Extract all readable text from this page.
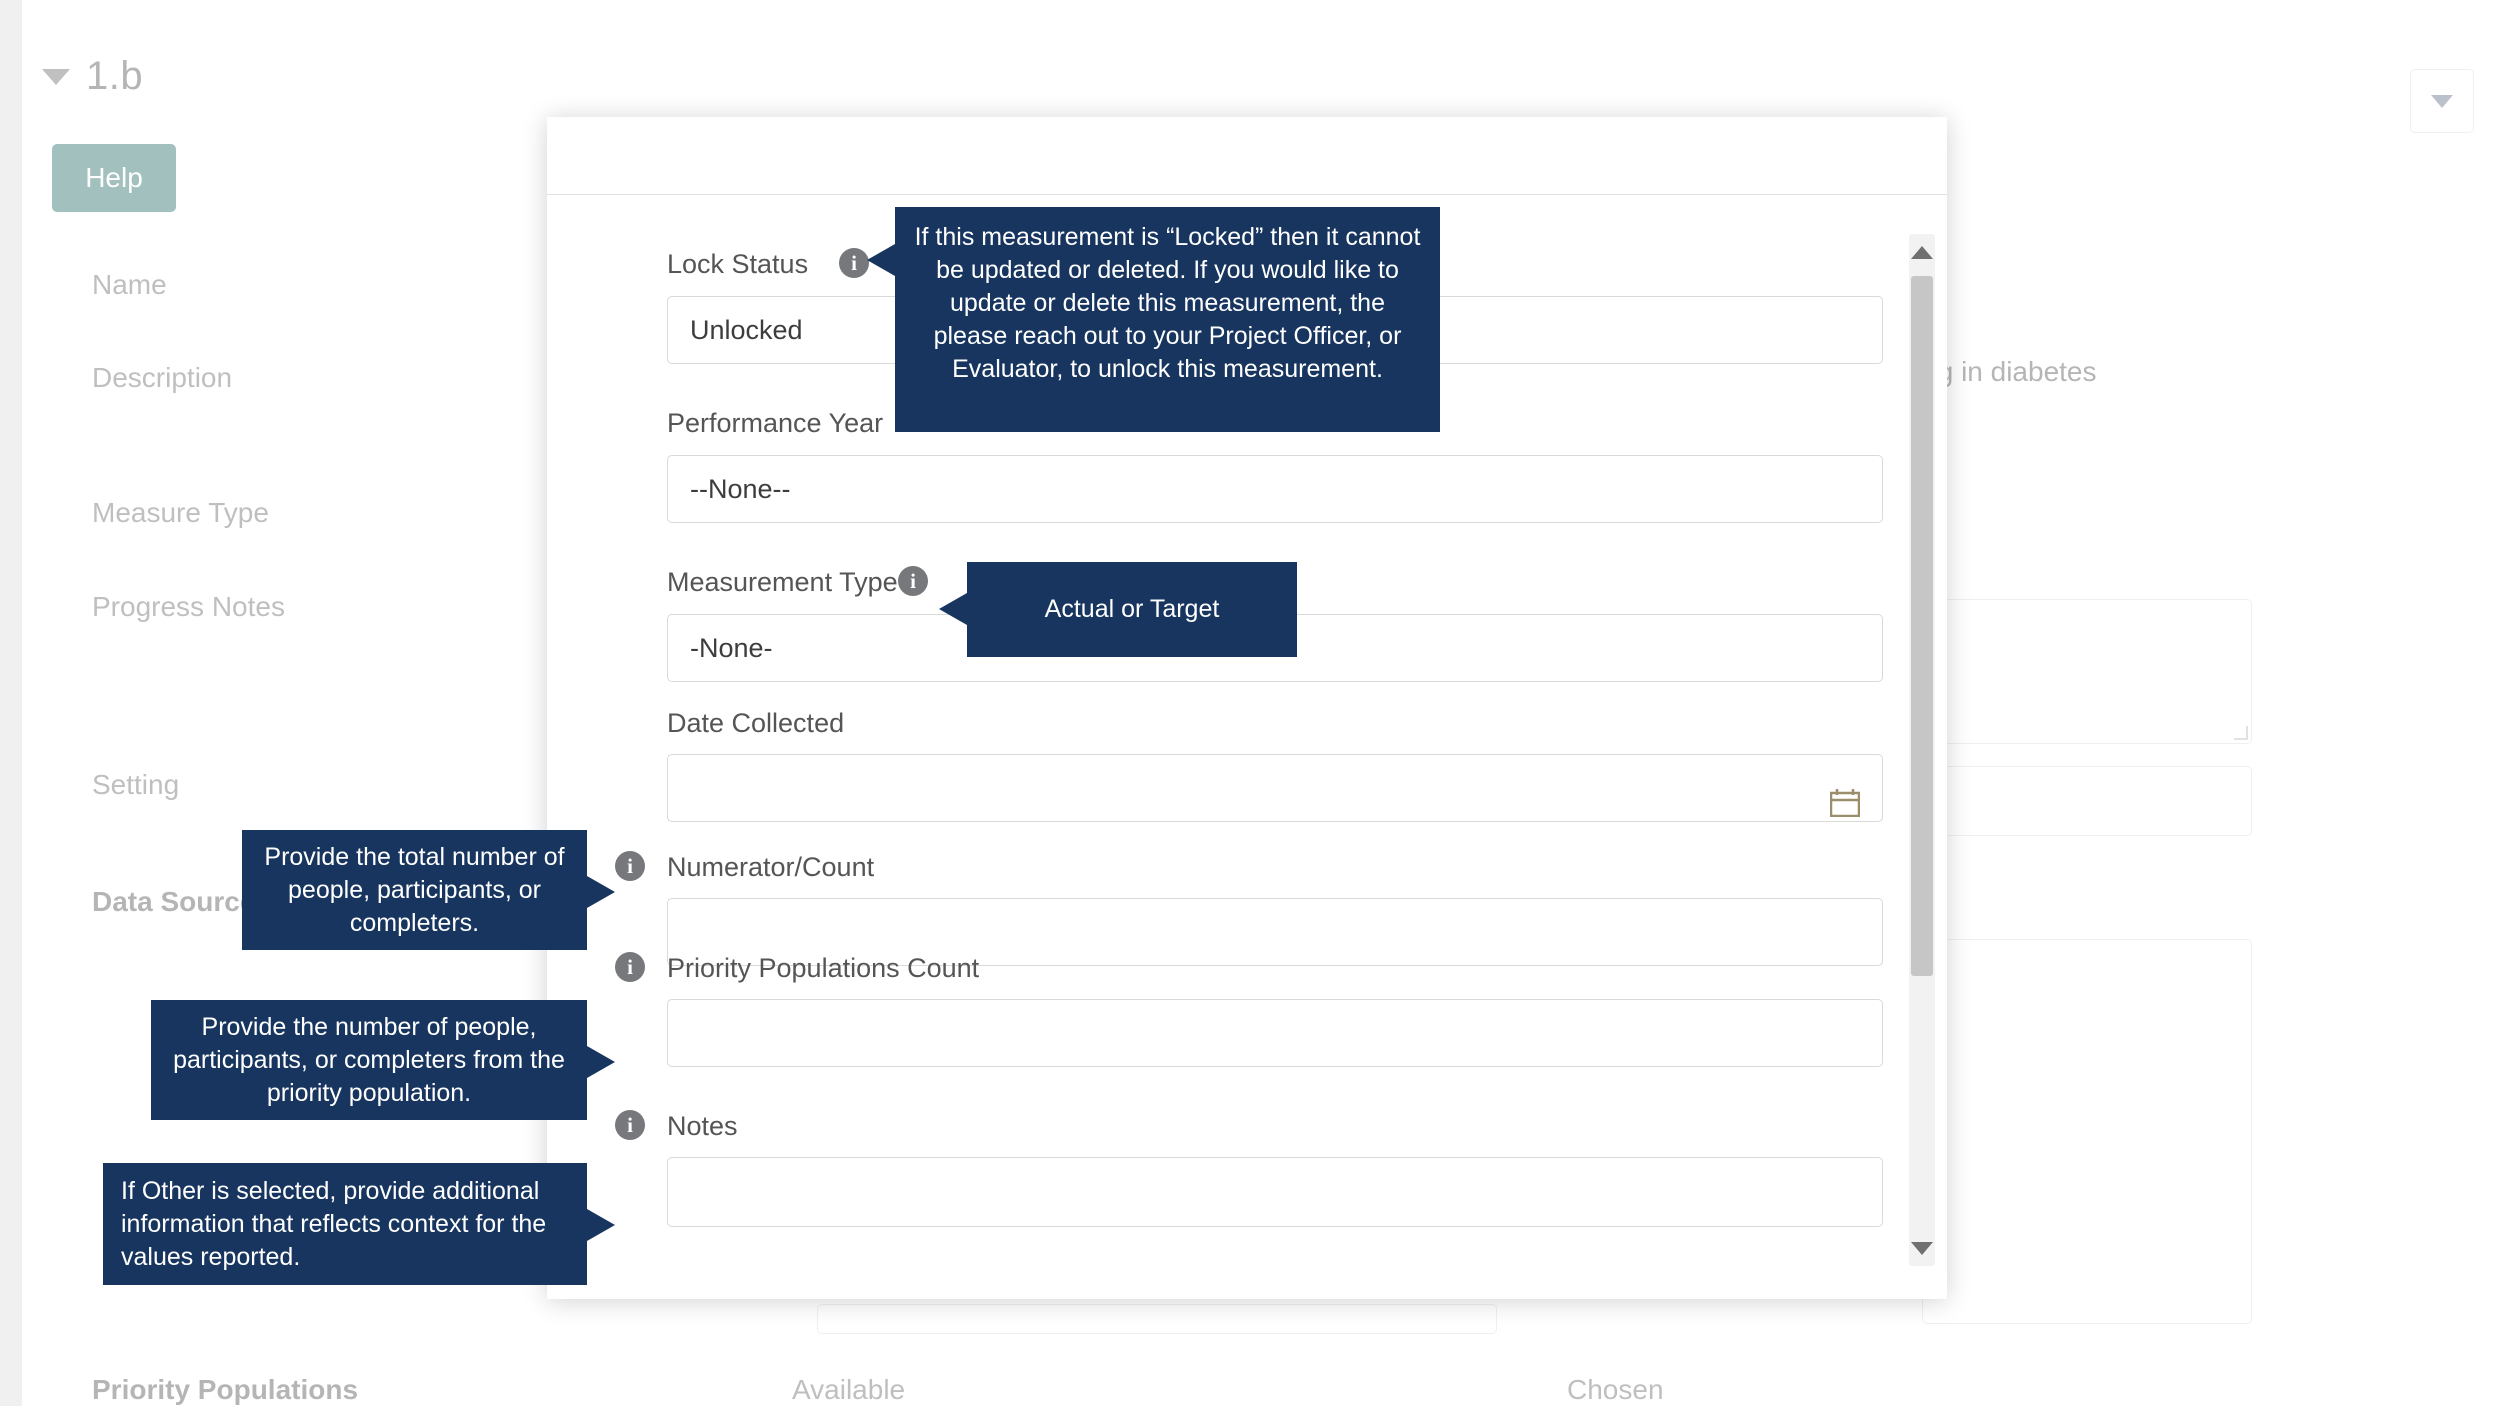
Lock Status	i
Unlocked
Performance Year
--None--
Measurement Type i
-None-
Date Collected
i	Numerator/Count
i	Priority Populations Count
i	Notes
If this measurement is “Locked” then it cannot be updated or deleted. If you would like to update or delete this measurement, the please reach out to your Project Officer, or Evaluator, to unlock this measurement.
Actual or Target
Provide the total number of people, participants, or completers.
Provide the number of people, participants, or completers from the priority population.
If Other is selected, provide additional information that reflects context for the values reported.
